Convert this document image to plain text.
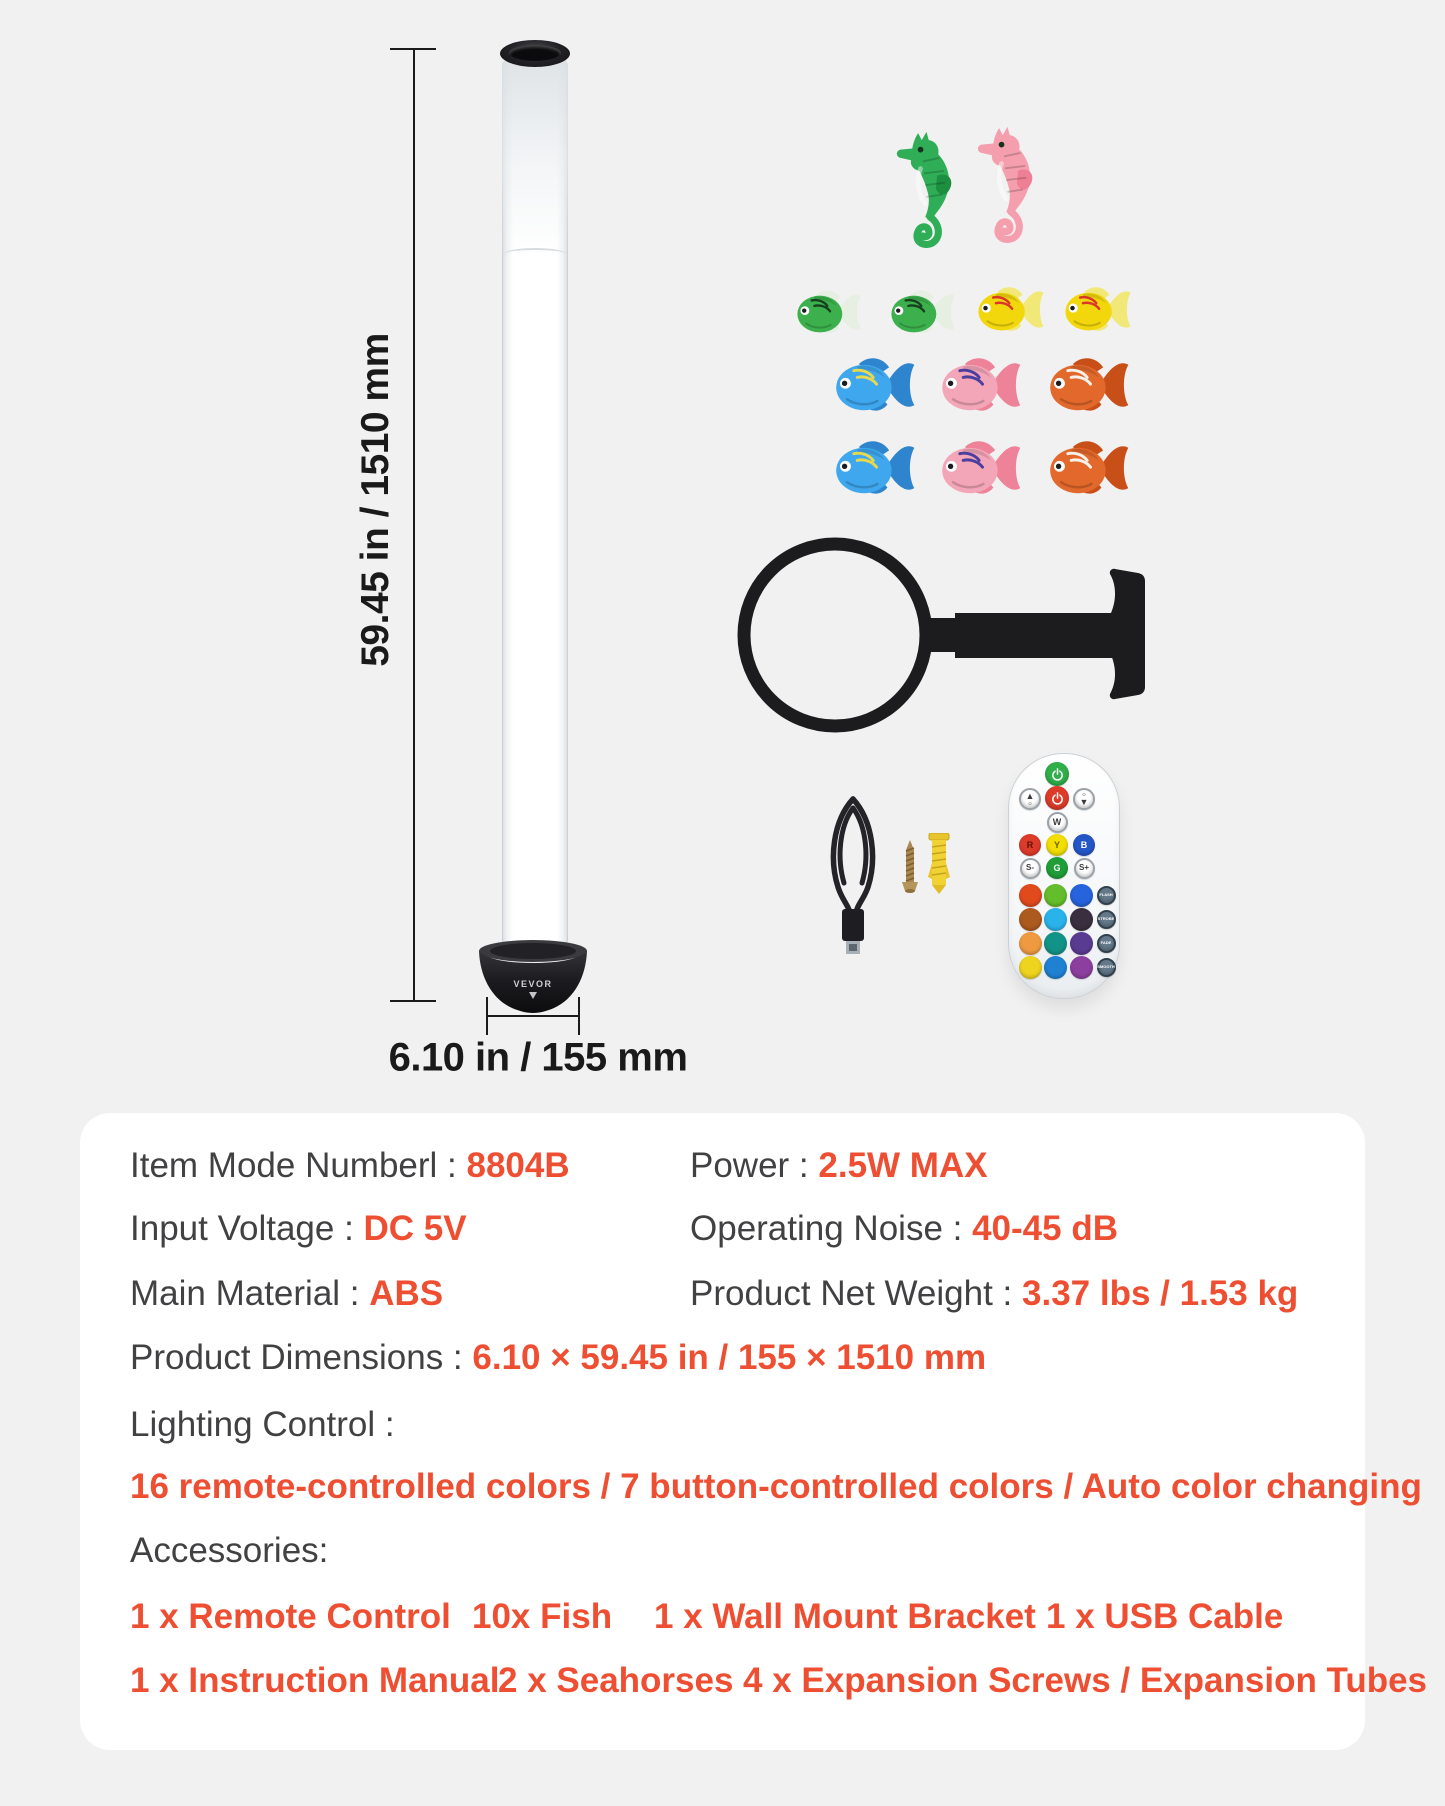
59.45 in / 1510 mm
VEVOR
6.10 in / 155 mm
▲
☼
☼
▼
W
R Y B
S- G S+
FLASH
STROBE
FADE
SMOOTH
Item Mode Numberl : 8804B	Power : 2.5W MAX
Input Voltage : DC 5V	Operating Noise : 40-45 dB
Main Material : ABS	Product Net Weight : 3.37 lbs / 1.53 kg
Product Dimensions : 6.10 × 59.45 in / 155 × 1510 mm
Lighting Control :
16 remote-controlled colors / 7 button-controlled colors / Auto color changing
Accessories:
1 x Remote Control 10x Fish 1 x Wall Mount Bracket 1 x USB Cable
1 x Instruction Manual
2 x Seahorses 4 x Expansion Screws / Expansion Tubes
